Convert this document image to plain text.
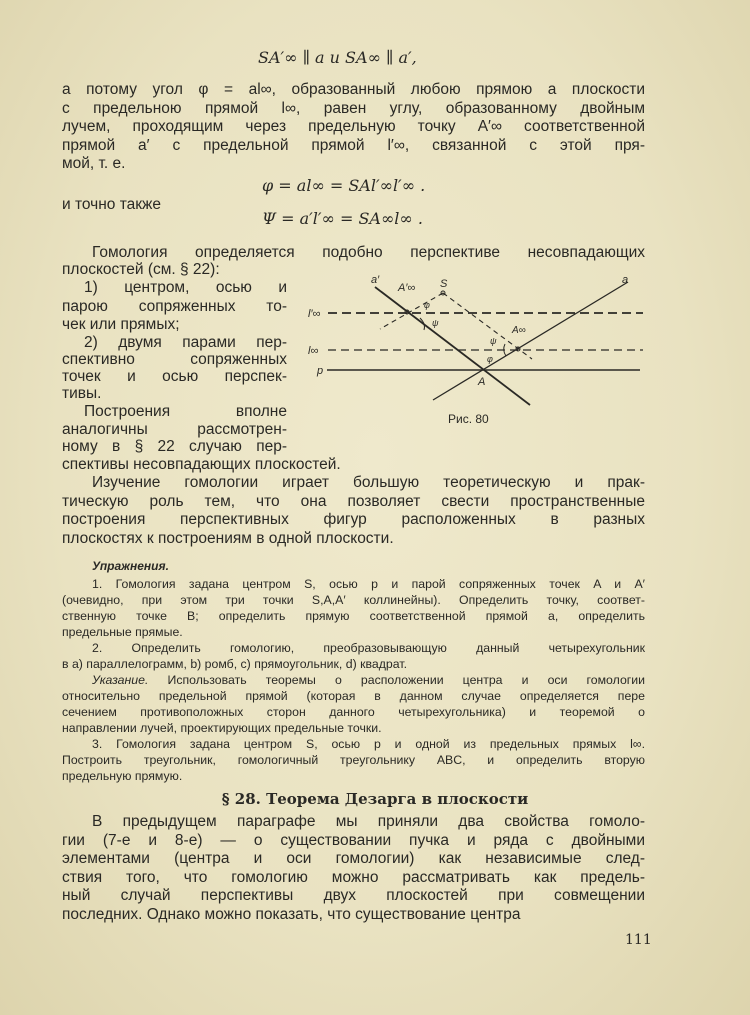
SA′∞ ∥ a и SA∞ ∥ a′,
а потому угол φ = al∞, образованный любою прямою a плоскости
с предельною прямой l∞, равен углу, образованному двойным
лучем, проходящим через предельную точку A′∞ соответственной
прямой a′ с предельной прямой l′∞, связанной с этой пря-
мой, т. е.
φ = al∞ = SAl′∞l′∞ .
и точно также
Ψ = a′l′∞ = SA∞l∞ .
Гомология определяется подобно перспективе несовпадающих
плоскостей (см. § 22):
1) центром, осью и
парою сопряженных то-
чек или прямых;
2) двумя парами пер-
спективно сопряженных
точек и осью перспек-
тивы.
Построения вполне
аналогичны рассмотрен-
ному в § 22 случаю пер-
спективы несовпадающих плоскостей.
Изучение гомологии играет большую теоретическую и прак-
тическую роль тем, что она позволяет свести пространственные
построения перспективных фигур расположенных в разных
плоскостях к построениям в одной плоскости.
a′
A′∞ S	a
l′∞
l∞
p
A∞
A
φ
ψ
ψ
φ
Рис. 80
Упражнения.
1. Гомология задана центром S, осью p и парой сопряженных точек A и A′
(очевидно, при этом три точки S,A,A′ коллинейны). Определить точку, соответ-
ственную точке B; определить прямую соответственной прямой a, определить
предельные прямые.
2. Определить гомологию, преобразовывающую данный четырехугольник
в а) параллелограмм, b) ромб, c) прямоугольник, d) квадрат.
Указание. Использовать теоремы о расположении центра и оси гомологии
относительно предельной прямой (которая в данном случае определяется пере
сечением противоположных сторон данного четырехугольника) и теоремой о
направлении лучей, проектирующих предельные точки.
3. Гомология задана центром S, осью p и одной из предельных прямых l∞.
Построить треугольник, гомологичный треугольнику ABC, и определить вторую
предельную прямую.
§ 28. Теорема Дезарга в плоскости
В предыдущем параграфе мы приняли два свойства гомоло-
гии (7-е и 8-е) — о существовании пучка и ряда с двойными
элементами (центра и оси гомологии) как независимые след-
ствия того, что гомологию можно рассматривать как предель-
ный случай перспективы двух плоскостей при совмещении
последних. Однако можно показать, что существование центра
111
